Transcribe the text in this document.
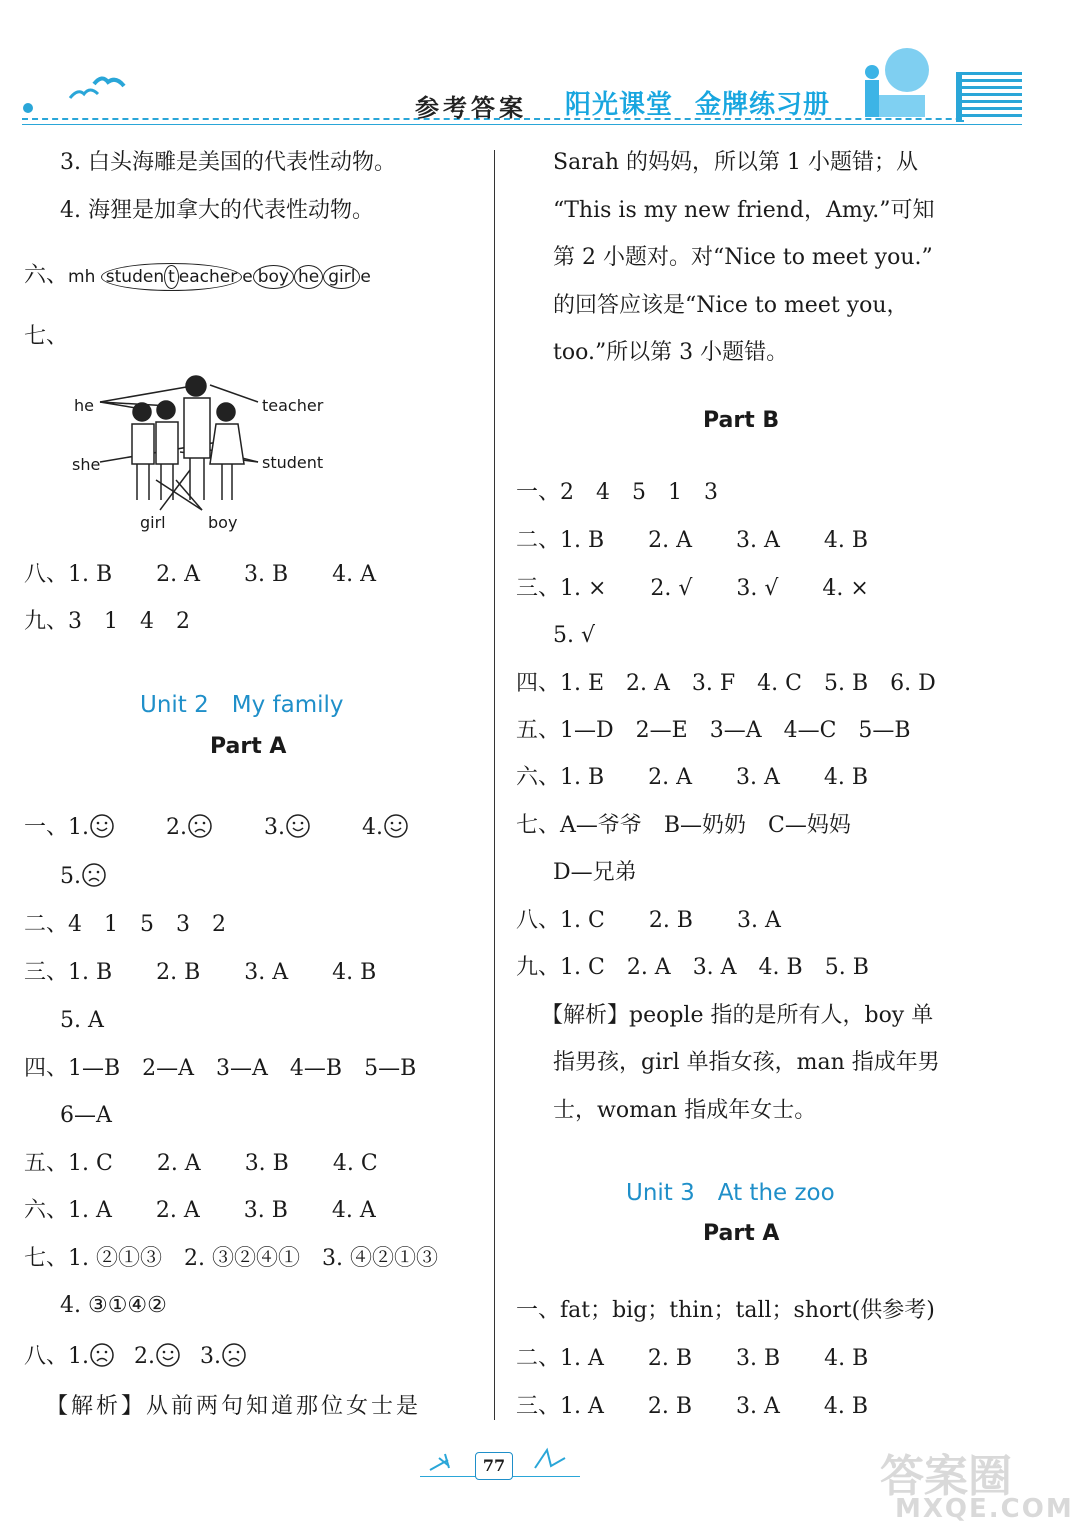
参考答案 阳光课堂 金牌练习册
3. 白头海雕是美国的代表性动物。
4. 海狸是加拿大的代表性动物。
六、mh studen t eacher e boy he girl e
七、
he	teacher
she	student
girl	boy
八、1. B　　2. A　　3. B　　4. A
九、3　1　4　2
Unit 2　My family
Part A
一、1.	2.	3.	4.
5.
二、4　1　5　3　2
三、1. B　　2. B　　3. A　　4. B
5. A
四、1—B　2—A　3—A　4—B　5—B
6—A
五、1. C　　2. A　　3. B　　4. C
六、1. A　　2. A　　3. B　　4. A
七、1. ②①③　2. ③②④①　3. ④②①③
4. ③①④②
八、1. 2. 3.
【解析】从前两句知道那位女士是
Sarah 的妈妈，所以第 1 小题错；从
“This is my new friend，Amy.”可知
第 2 小题对。对“Nice to meet you.”
的回答应该是“Nice to meet you，
too.”所以第 3 小题错。
Part B
一、2　4　5　1　3
二、1. B　　2. A　　3. A　　4. B
三、1. ×　　2. √　　3. √　　4. ×
5. √
四、1. E　2. A　3. F　4. C　5. B　6. D
五、1—D　2—E　3—A　4—C　5—B
六、1. B　　2. A　　3. A　　4. B
七、A—爷爷　B—奶奶　C—妈妈
D—兄弟
八、1. C　　2. B　　3. A
九、1. C　2. A　3. A　4. B　5. B
【解析】people 指的是所有人，boy 单
指男孩，girl 单指女孩，man 指成年男
士，woman 指成年女士。
Unit 3　At the zoo
Part A
一、fat；big；thin；tall；short(供参考)
二、1. A　　2. B　　3. B　　4. B
三、1. A　　2. B　　3. A　　4. B
77	答案圈
MXQE.COM
